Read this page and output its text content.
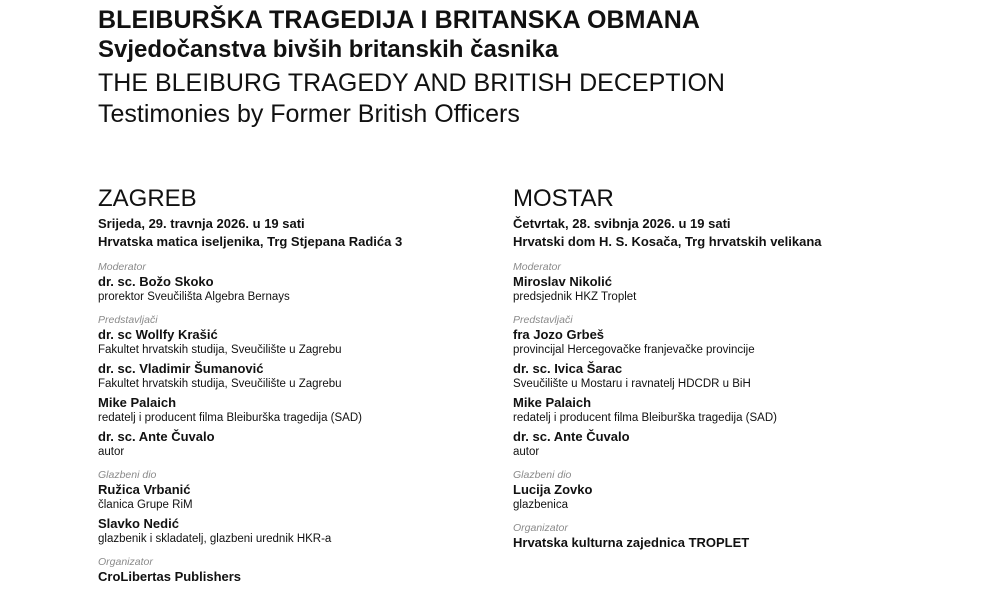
BLEIBURŠKA TRAGEDIJA I BRITANSKA OBMANA
Svjedočanstva bivših britanskih časnika
THE BLEIBURG TRAGEDY AND BRITISH DECEPTION
Testimonies by Former British Officers
ZAGREB
Srijeda, 29. travnja 2026. u 19 sati
Hrvatska matica iseljenika, Trg Stjepana Radića 3
Moderator
dr. sc. Božo Skoko
prorektor Sveučilišta Algebra Bernays
Predstavljači
dr. sc Wollfy Krašić
Fakultet hrvatskih studija, Sveučilište u Zagrebu
dr. sc. Vladimir Šumanović
Fakultet hrvatskih studija, Sveučilište u Zagrebu
Mike Palaich
redatelj i producent filma Bleiburška tragedija (SAD)
dr. sc. Ante Čuvalo
autor
Glazbeni dio
Ružica Vrbanić
članica Grupe RiM
Slavko Nedić
glazbenik i skladatelj, glazbeni urednik HKR-a
Organizator
CroLibertas Publishers
MOSTAR
Četvrtak, 28. svibnja 2026. u 19 sati
Hrvatski dom H. S. Kosača, Trg hrvatskih velikana
Moderator
Miroslav Nikolić
predsjednik HKZ Troplet
Predstavljači
fra Jozo Grbeš
provincijal Hercegovačke franjevačke provincije
dr. sc. Ivica Šarac
Sveučilište u Mostaru i ravnatelj HDCDR u BiH
Mike Palaich
redatelj i producent filma Bleiburška tragedija (SAD)
dr. sc. Ante Čuvalo
autor
Glazbeni dio
Lucija Zovko
glazbenica
Organizator
Hrvatska kulturna zajednica TROPLET
